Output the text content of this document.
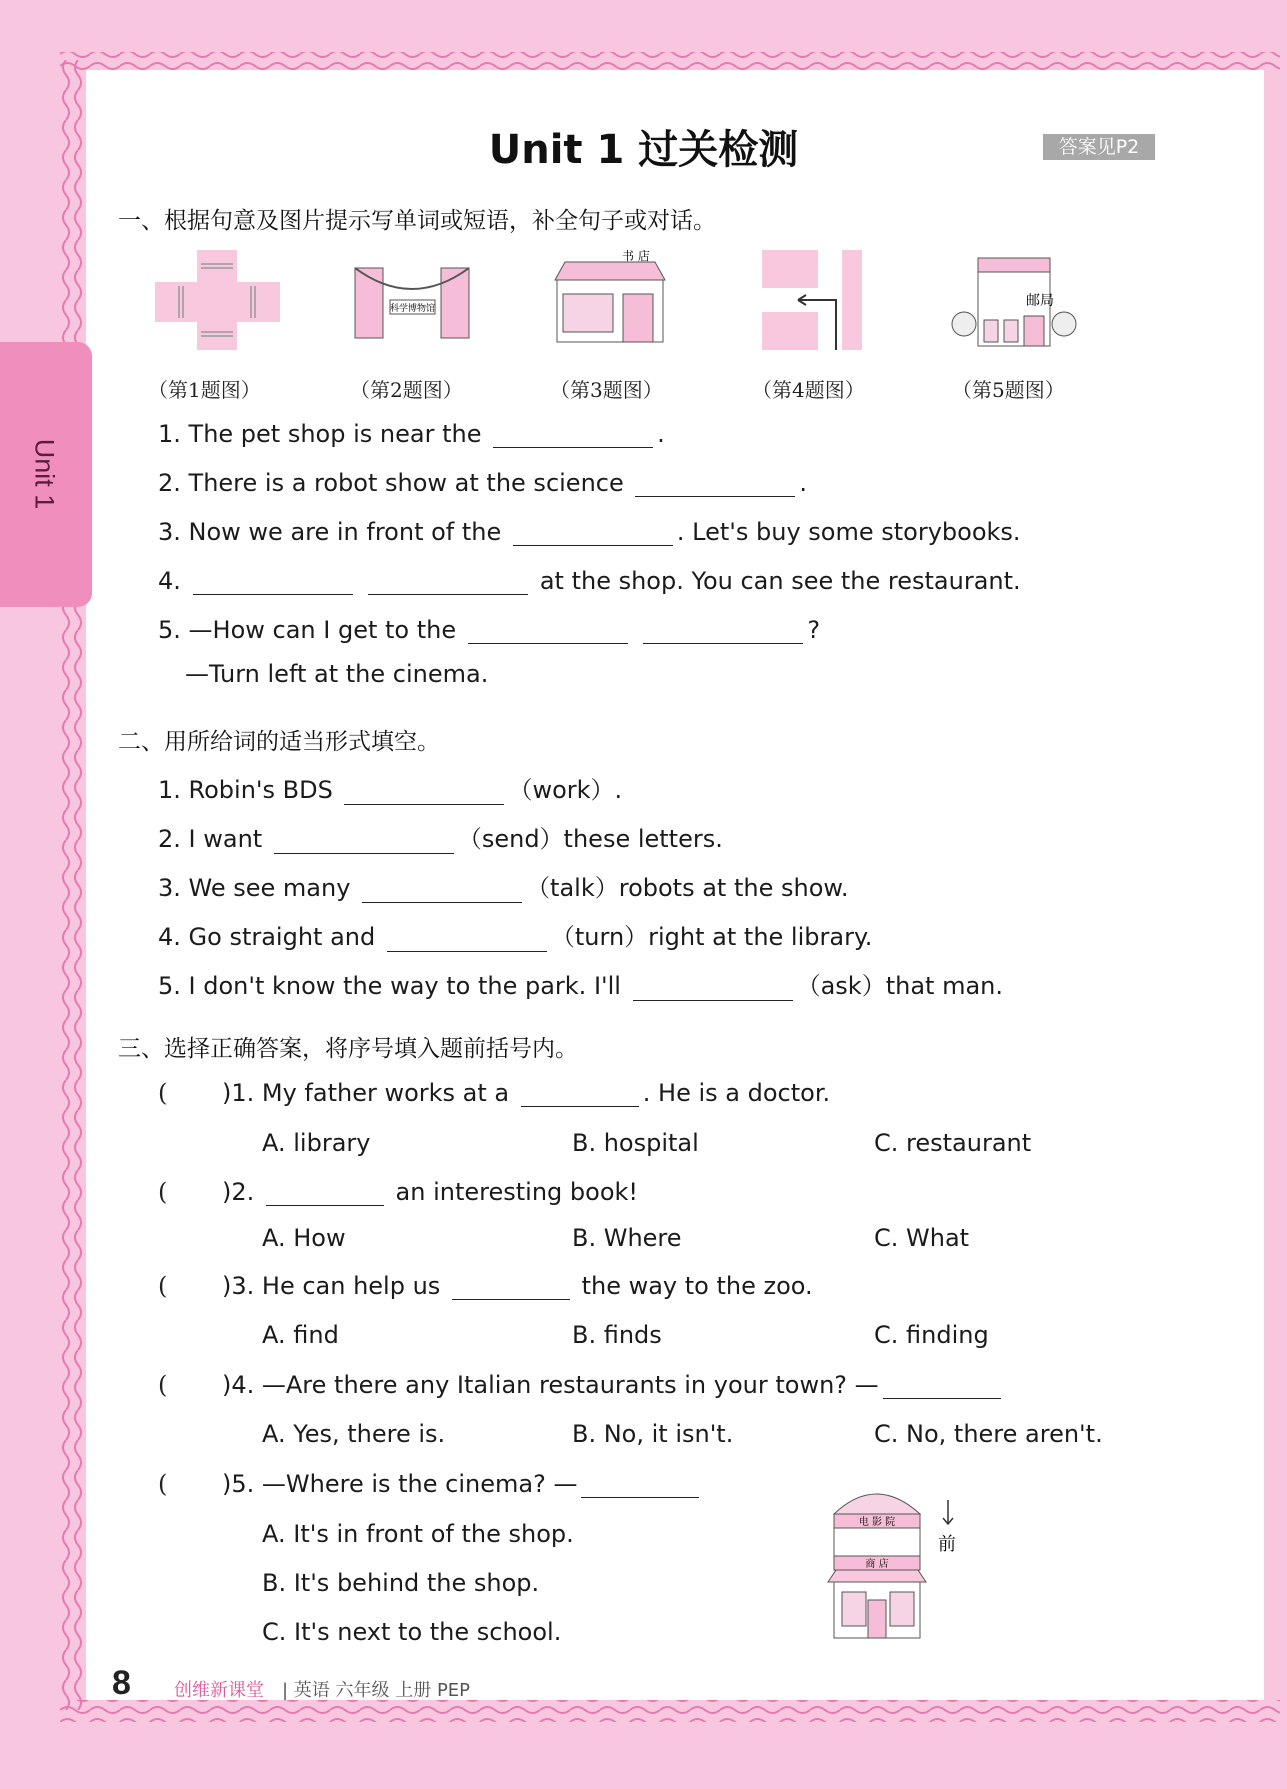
Unit 1
Unit 1 过关检测	答案见P2
一、根据句意及图片提示写单词或短语，补全句子或对话。
科学博物馆
书 店
邮局
（第1题图）	（第2题图）	（第3题图）	（第4题图）	（第5题图）
1. The pet shop is near the	.
2. There is a robot show at the science	.
3. Now we are in front of the	. Let's buy some storybooks.
4.	at the shop. You can see the restaurant.
5. —How can I get to the	?
—Turn left at the cinema.
二、用所给词的适当形式填空。
1. Robin's BDS	（work）.
2. I want	（send）these letters.
3. We see many	（talk）robots at the show.
4. Go straight and	（turn）right at the library.
5. I don't know the way to the park. I'll	（ask）that man.
三、选择正确答案，将序号填入题前括号内。
( )1. My father works at a	. He is a doctor.
A. library	B. hospital	C. restaurant
( )2.	an interesting book!
A. How	B. Where	C. What
( )3. He can help us	the way to the zoo.
A. find	B. finds	C. finding
( )4. —Are there any Italian restaurants in your town? —
A. Yes, there is.	B. No, it isn't.	C. No, there aren't.
( )5. —Where is the cinema? —
A. It's in front of the shop.
B. It's behind the shop.
C. It's next to the school.
电 影 院
商 店
前
8 创维新课堂 | 英语 六年级 上册 PEP
